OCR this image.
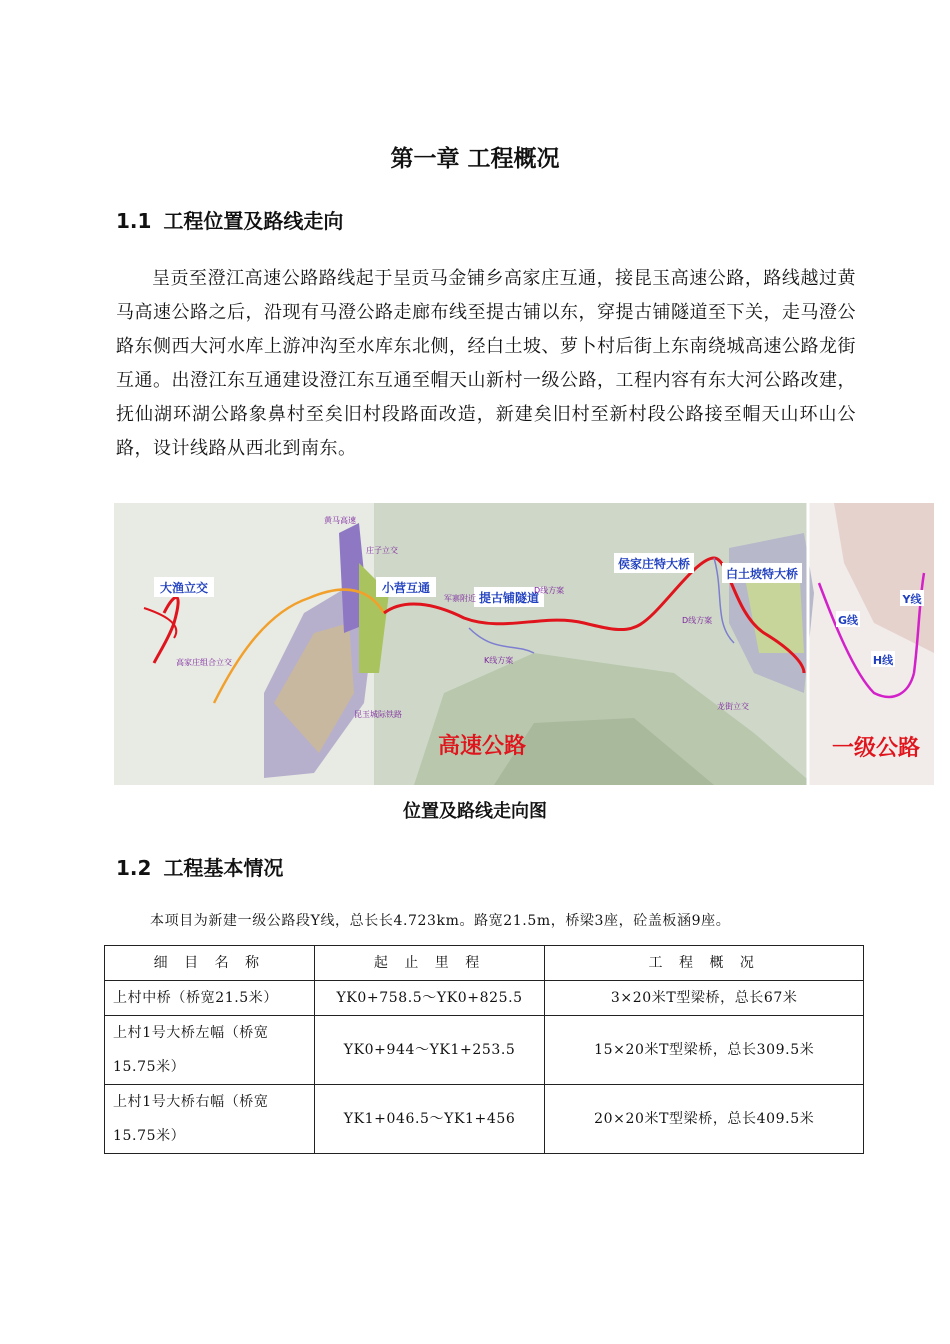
第一章 工程概况
1.1 工程位置及路线走向
呈贡至澄江高速公路路线起于呈贡马金铺乡高家庄互通，接昆玉高速公路，路线越过黄马高速公路之后，沿现有马澄公路走廊布线至提古铺以东，穿提古铺隧道至下关，走马澄公路东侧西大河水库上游冲沟至水库东北侧，经白土坡、萝卜村后街上东南绕城高速公路龙街互通。出澄江东互通建设澄江东互通至帽天山新村一级公路，工程内容有东大河公路改建，抚仙湖环湖公路象鼻村至矣旧村段路面改造，新建矣旧村至新村段公路接至帽天山环山公路，设计线路从西北到南东。
大渔立交	小营互通
提古铺隧道
侯家庄特大桥
白土坡特大桥
黄马高速
庄子立交
军寨附近
高家庄组合立交
昆玉城际铁路
K线方案
D线方案
D线方案
龙街立交
高速公路	一级公路
G线
H线
Y线
位置及路线走向图
1.2 工程基本情况
本项目为新建一级公路段Y线，总长长4.723km。路宽21.5m，桥梁3座，砼盖板涵9座。
细 目 名 称	起 止 里 程	工 程 概 况
上村中桥（桥宽21.5米）	YK0+758.5～YK0+825.5	3×20米T型梁桥，总长67米
上村1号大桥左幅（桥宽15.75米）	YK0+944～YK1+253.5	15×20米T型梁桥，总长309.5米
上村1号大桥右幅（桥宽15.75米）	YK1+046.5～YK1+456	20×20米T型梁桥，总长409.5米
